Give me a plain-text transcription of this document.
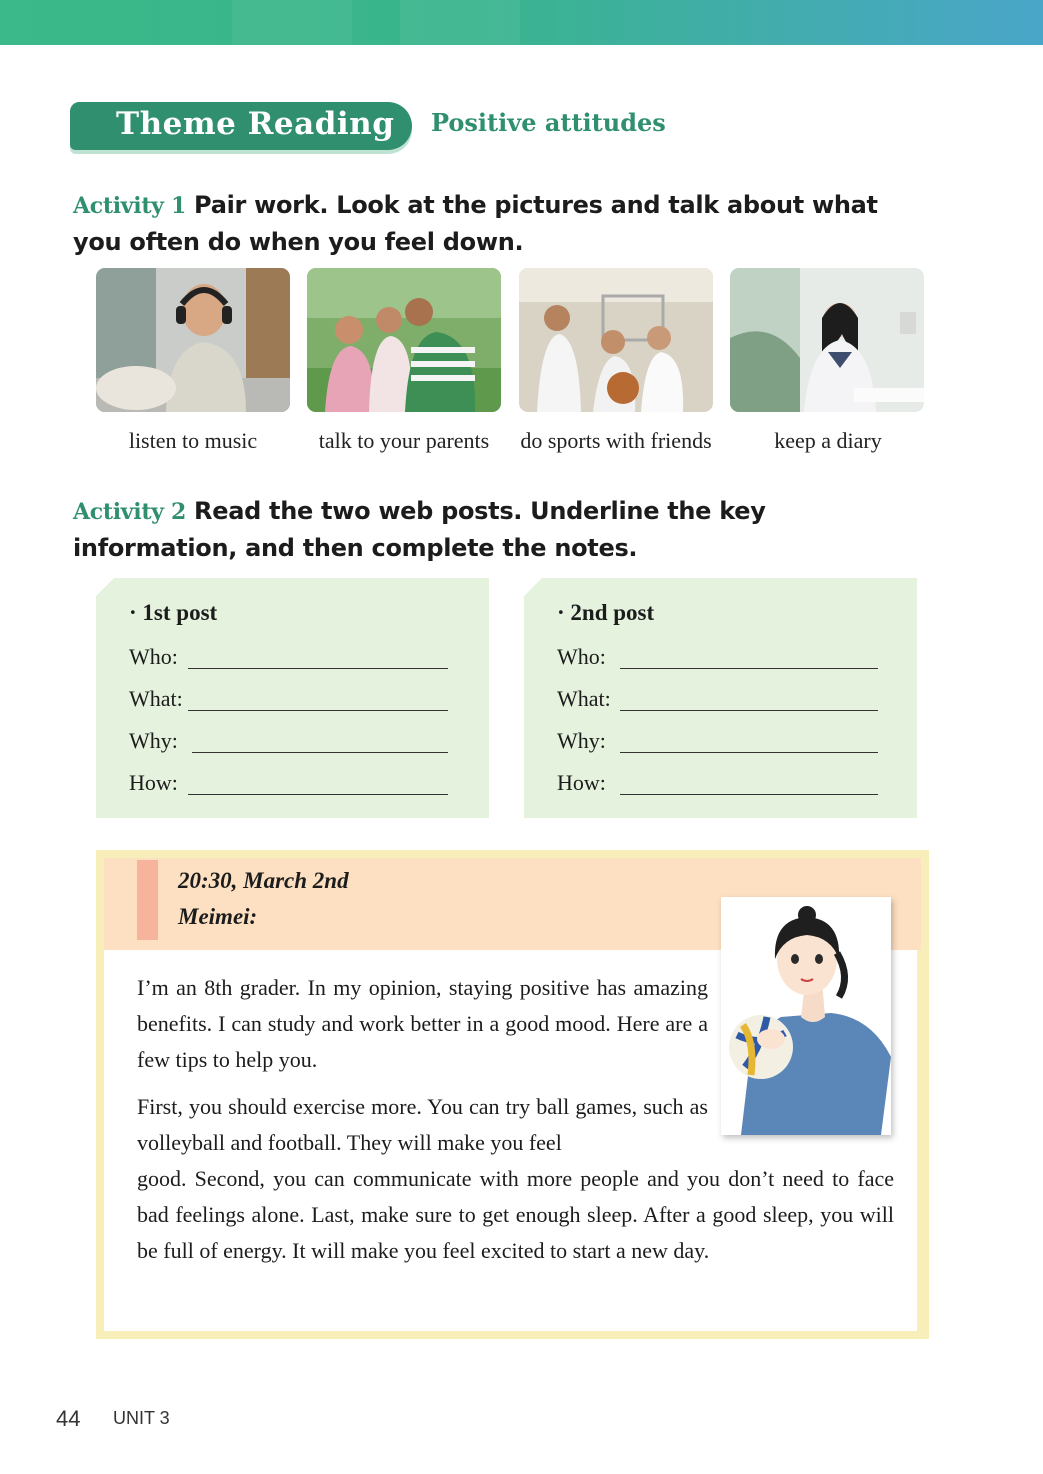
Theme Reading Positive attitudes
Activity 1 Pair work. Look at the pictures and talk about what you often do when you feel down.
listen to music	talk to your parents	do sports with friends	keep a diary
Activity 2 Read the two web posts. Underline the key information, and then complete the notes.
· 1st post
Who:
What:
Why:
How:
· 2nd post
Who:
What:
Why:
How:
20:30, March 2nd
Meimei:
I’m an 8th grader. In my opinion, staying positive has amazing benefits. I can study and work better in a good mood. Here are a few tips to help you.
First, you should exercise more. You can try ball games, such as volleyball and football. They will make you feel
good. Second, you can communicate with more people and you don’t need to face bad feelings alone. Last, make sure to get enough sleep. After a good sleep, you will be full of energy. It will make you feel excited to start a new day.
44 UNIT 3
